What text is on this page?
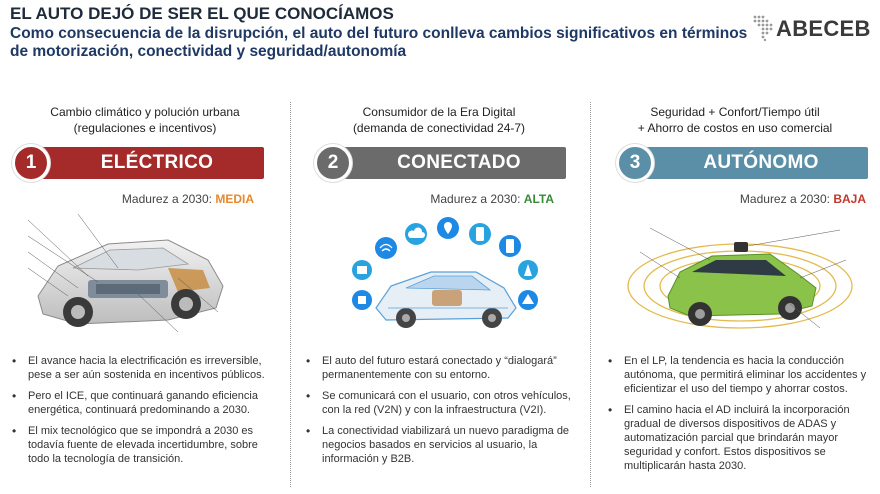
EL AUTO DEJÓ DE SER EL QUE CONOCÍAMOS
Como consecuencia de la disrupción, el auto del futuro conlleva cambios significativos en términos de motorización, conectividad y seguridad/autonomía
ABECEB
Cambio climático y polución urbana
(regulaciones e incentivos)
ELÉCTRICO
1
Madurez a 2030: MEDIA
• El avance hacia la electrificación es irreversible, pese a ser aún sostenida en incentivos públicos.
• Pero el ICE, que continuará ganando eficiencia energética, continuará predominando a 2030.
• El mix tecnológico que se impondrá a 2030 es todavía fuente de elevada incertidumbre, sobre todo la tecnología de transición.
Consumidor de la Era Digital
(demanda de conectividad 24-7)
CONECTADO
2
Madurez a 2030: ALTA
• El auto del futuro estará conectado y “dialogará” permanentemente con su entorno.
• Se comunicará con el usuario, con otros vehículos, con la red (V2N) y con la infraestructura (V2I).
• La conectividad viabilizará un nuevo paradigma de negocios basados en servicios al usuario, la información y B2B.
Seguridad + Confort/Tiempo útil
+ Ahorro de costos en uso comercial
AUTÓNOMO
3
Madurez a 2030: BAJA
• En el LP, la tendencia es hacia la conducción autónoma, que permitirá eliminar los accidentes y eficientizar el uso del tiempo y ahorrar costos.
• El camino hacia el AD incluirá la incorporación gradual de diversos dispositivos de ADAS y automatización parcial que brindarán mayor seguridad y confort. Estos dispositivos se multiplicarán hasta 2030.
